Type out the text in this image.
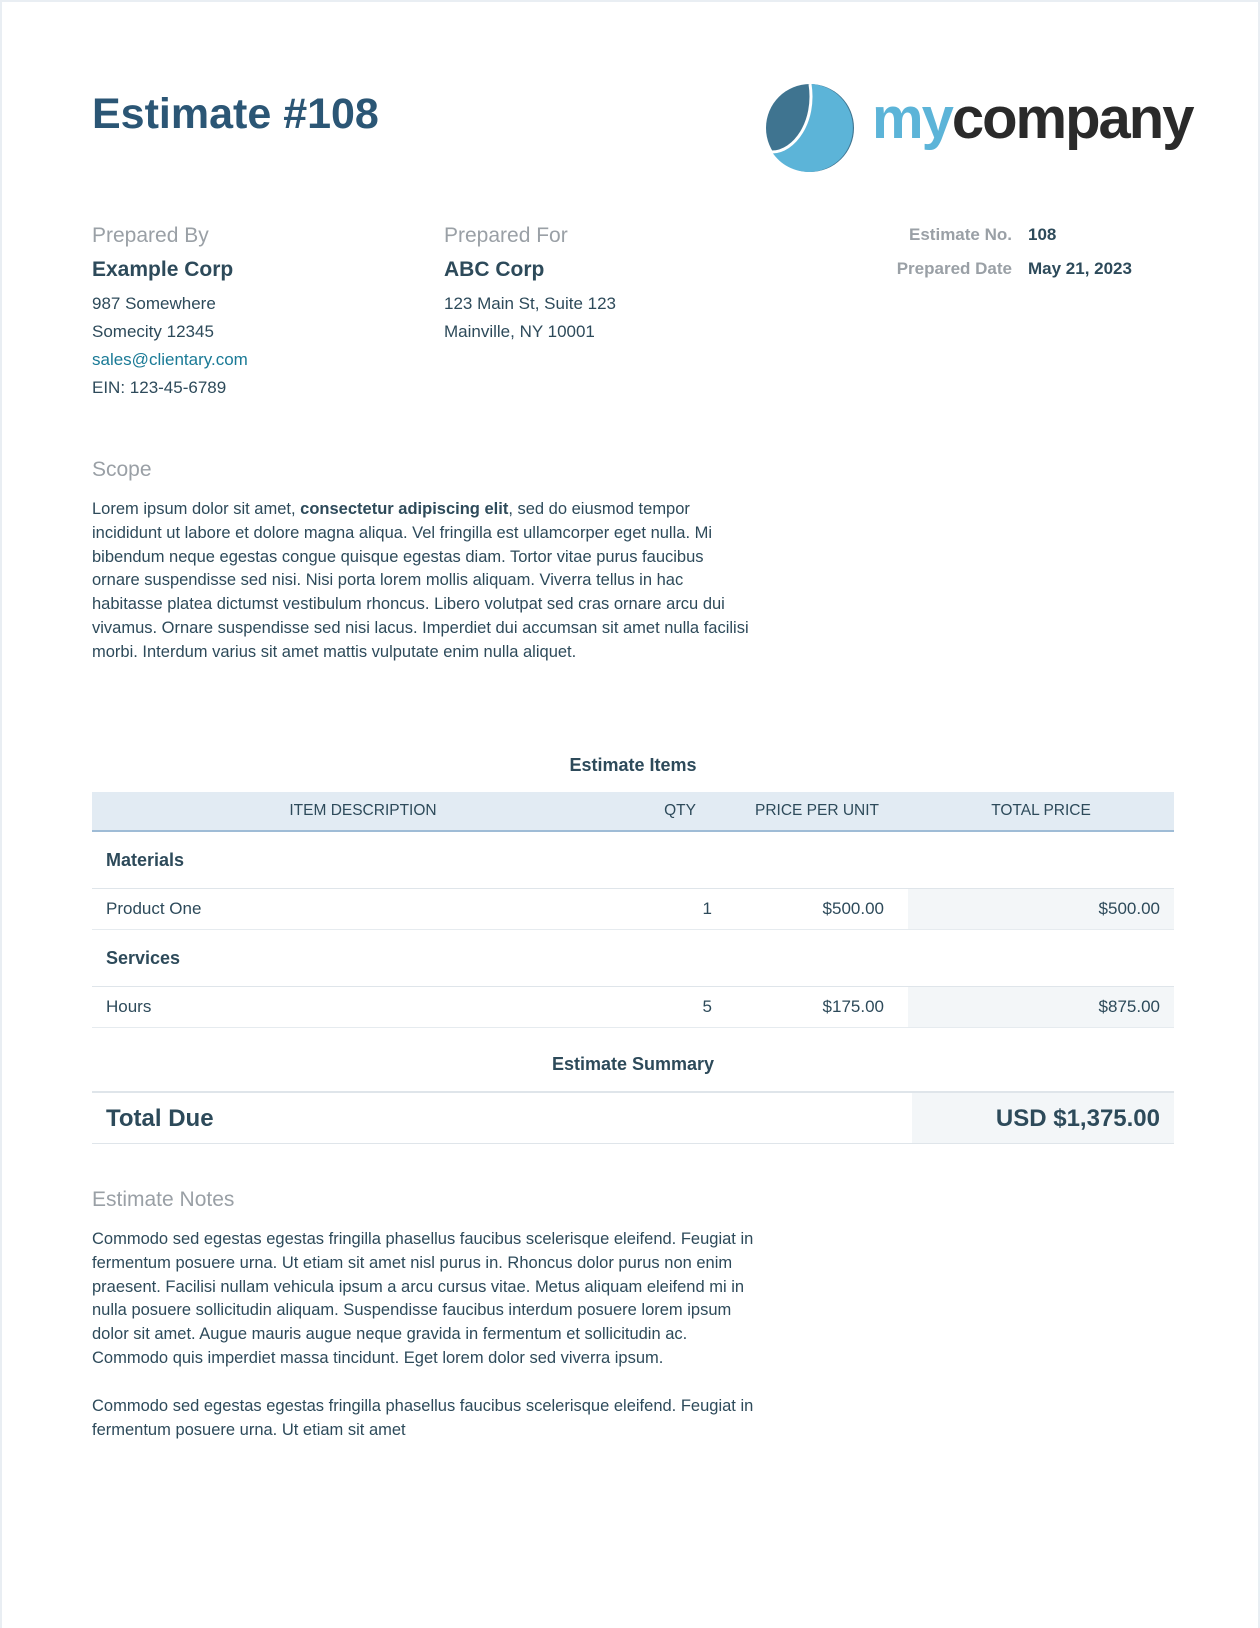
Estimate #108	mycompany
Prepared By
Example Corp
987 Somewhere
Somecity 12345
sales@clientary.com
EIN: 123-45-6789
Prepared For
ABC Corp
123 Main St, Suite 123
Mainville, NY 10001
Estimate No. 108
Prepared Date May 21, 2023
Scope
Lorem ipsum dolor sit amet, consectetur adipiscing elit, sed do eiusmod tempor incididunt ut labore et dolore magna aliqua. Vel fringilla est ullamcorper eget nulla. Mi bibendum neque egestas congue quisque egestas diam. Tortor vitae purus faucibus ornare suspendisse sed nisi. Nisi porta lorem mollis aliquam. Viverra tellus in hac habitasse platea dictumst vestibulum rhoncus. Libero volutpat sed cras ornare arcu dui vivamus. Ornare suspendisse sed nisi lacus. Imperdiet dui accumsan sit amet nulla facilisi morbi. Interdum varius sit amet mattis vulputate enim nulla aliquet.
Estimate Items
ITEM DESCRIPTION	QTY	PRICE PER UNIT	TOTAL PRICE
Materials			
Product One	1	$500.00	$500.00
Services			
Hours	5	$175.00	$875.00
Estimate Summary
Total Due	USD $1,375.00
Estimate Notes
Commodo sed egestas egestas fringilla phasellus faucibus scelerisque eleifend. Feugiat in fermentum posuere urna. Ut etiam sit amet nisl purus in. Rhoncus dolor purus non enim praesent. Facilisi nullam vehicula ipsum a arcu cursus vitae. Metus aliquam eleifend mi in nulla posuere sollicitudin aliquam. Suspendisse faucibus interdum posuere lorem ipsum dolor sit amet. Augue mauris augue neque gravida in fermentum et sollicitudin ac. Commodo quis imperdiet massa tincidunt. Eget lorem dolor sed viverra ipsum.
Commodo sed egestas egestas fringilla phasellus faucibus scelerisque eleifend. Feugiat in fermentum posuere urna. Ut etiam sit amet
